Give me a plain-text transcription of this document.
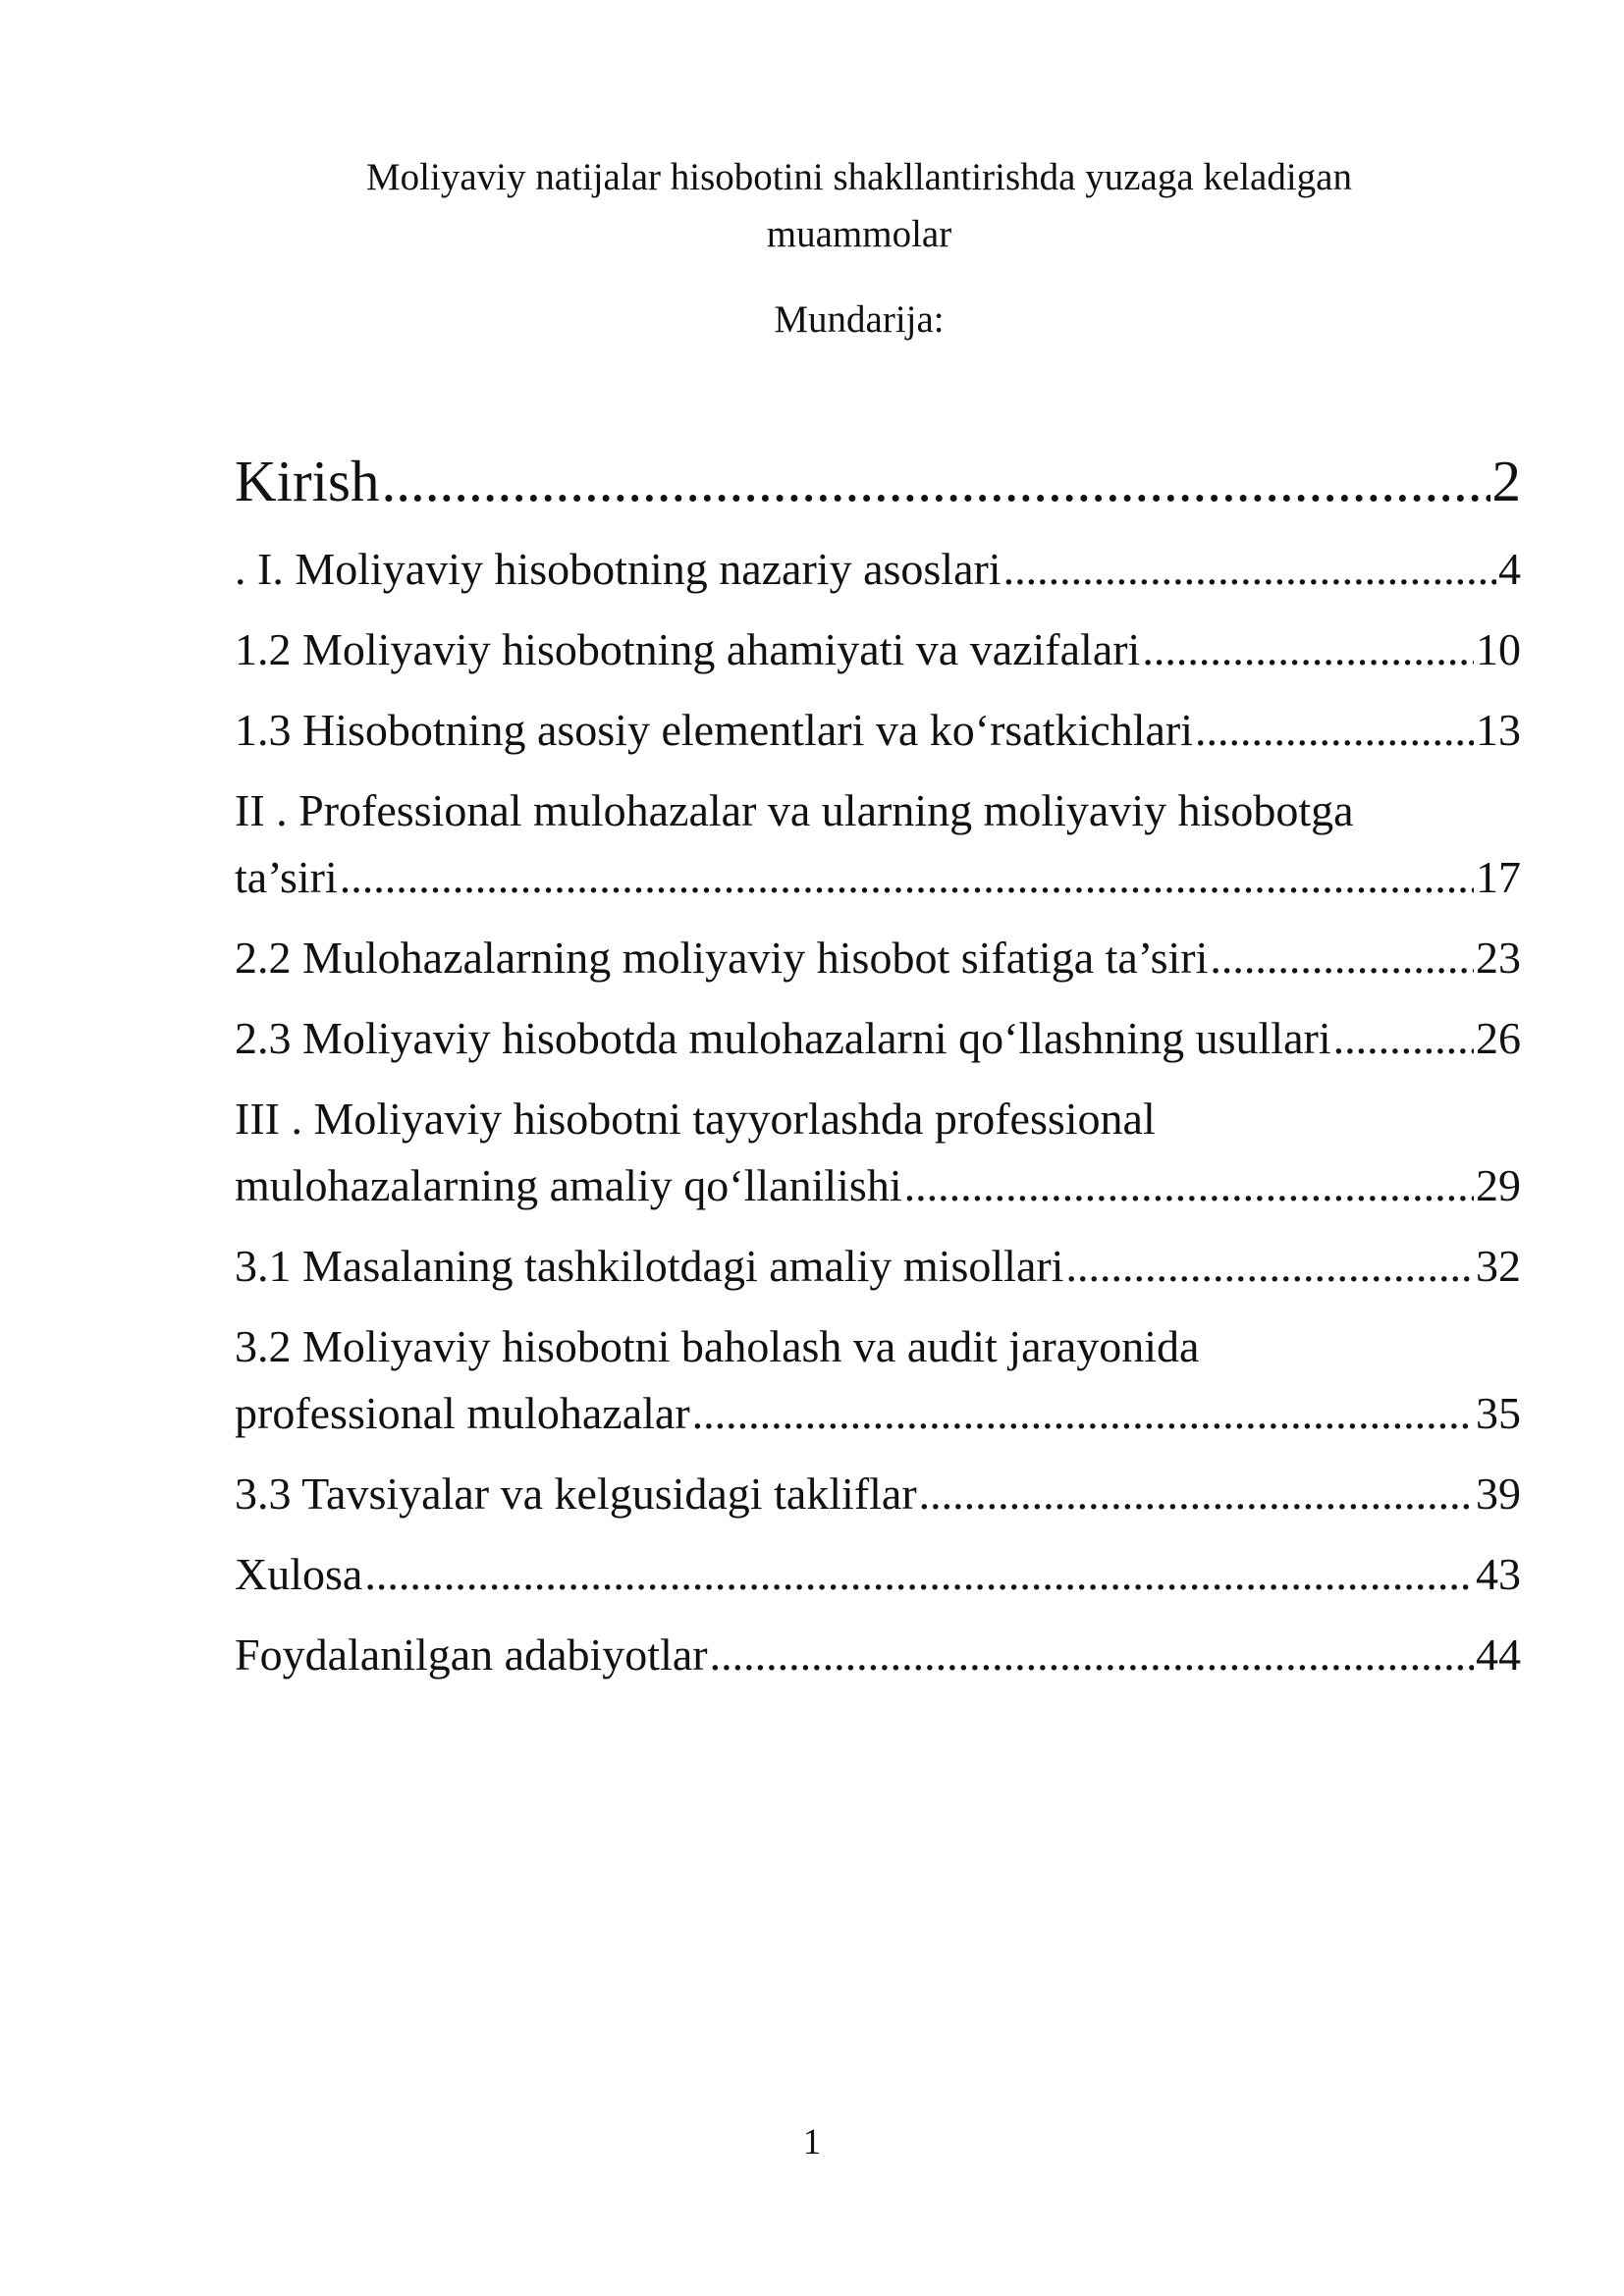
Moliyaviy natijalar hisobotini shakllantirishda yuzaga keladigan muammolar
Mundarija:
Kirish .....	2
. I. Moliyaviy hisobotning nazariy asoslari .....	4
1.2 Moliyaviy hisobotning ahamiyati va vazifalari .....	10
1.3 Hisobotning asosiy elementlari va ko‘rsatkichlari .....	13
II . Professional mulohazalar va ularning moliyaviy hisobotga
ta’siri .....	17
2.2 Mulohazalarning moliyaviy hisobot sifatiga ta’siri .....	23
2.3 Moliyaviy hisobotda mulohazalarni qo‘llashning usullari .....	26
III . Moliyaviy hisobotni tayyorlashda professional
mulohazalarning amaliy qo‘llanilishi .....	29
3.1 Masalaning tashkilotdagi amaliy misollari .....	32
3.2 Moliyaviy hisobotni baholash va audit jarayonida
professional mulohazalar .....	35
3.3 Tavsiyalar va kelgusidagi takliflar .....	39
Xulosa .....	43
Foydalanilgan adabiyotlar .....	44
1
